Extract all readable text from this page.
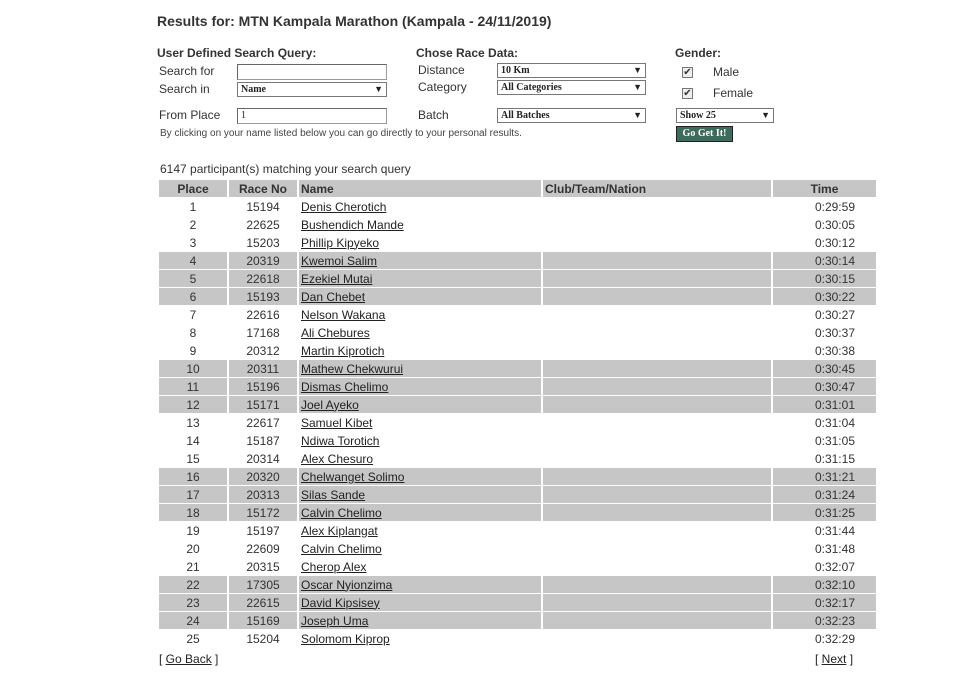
Results for: MTN Kampala Marathon (Kampala - 24/11/2019)
User Defined Search Query:
Search for
Search in	Name	▼
From Place	1
Chose Race Data:
Distance	10 Km	▼
Category	All Categories	▼
Batch	All Batches	▼
Gender:
✔ Male
✔ Female
Show 25	▼
By clicking on your name listed below you can go directly to your personal results.	Go Get It!
6147 participant(s) matching your search query
Place	Race No	Name	Club/Team/Nation	Time
1	15194	Denis Cherotich		0:29:59
2	22625	Bushendich Mande		0:30:05
3	15203	Phillip Kipyeko		0:30:12
4	20319	Kwemoi Salim		0:30:14
5	22618	Ezekiel Mutai		0:30:15
6	15193	Dan Chebet		0:30:22
7	22616	Nelson Wakana		0:30:27
8	17168	Ali Chebures		0:30:37
9	20312	Martin Kiprotich		0:30:38
10	20311	Mathew Chekwurui		0:30:45
11	15196	Dismas Chelimo		0:30:47
12	15171	Joel Ayeko		0:31:01
13	22617	Samuel Kibet		0:31:04
14	15187	Ndiwa Torotich		0:31:05
15	20314	Alex Chesuro		0:31:15
16	20320	Chelwanget Solimo		0:31:21
17	20313	Silas Sande		0:31:24
18	15172	Calvin Chelimo		0:31:25
19	15197	Alex Kiplangat		0:31:44
20	22609	Calvin Chelimo		0:31:48
21	20315	Cherop Alex		0:32:07
22	17305	Oscar Nyionzima		0:32:10
23	22615	David Kipsisey		0:32:17
24	15169	Joseph Uma		0:32:23
25	15204	Solomom Kiprop		0:32:29
[ Go Back ]	[ Next ]
